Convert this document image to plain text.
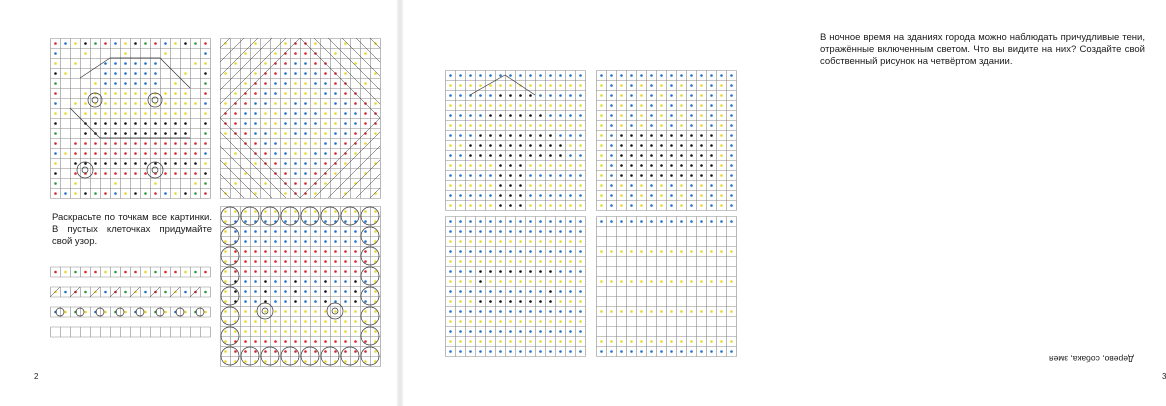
Раскрасьте по точкам все картинки. В пустых клеточках придумайте свой узор.

2

В ночное время на зданиях города можно наблюдать причудливые тени, отражённые включенным светом. Что вы видите на них? Создайте свой собственный рисунок на четвёртом здании.

Дерево, собака, змея
3
